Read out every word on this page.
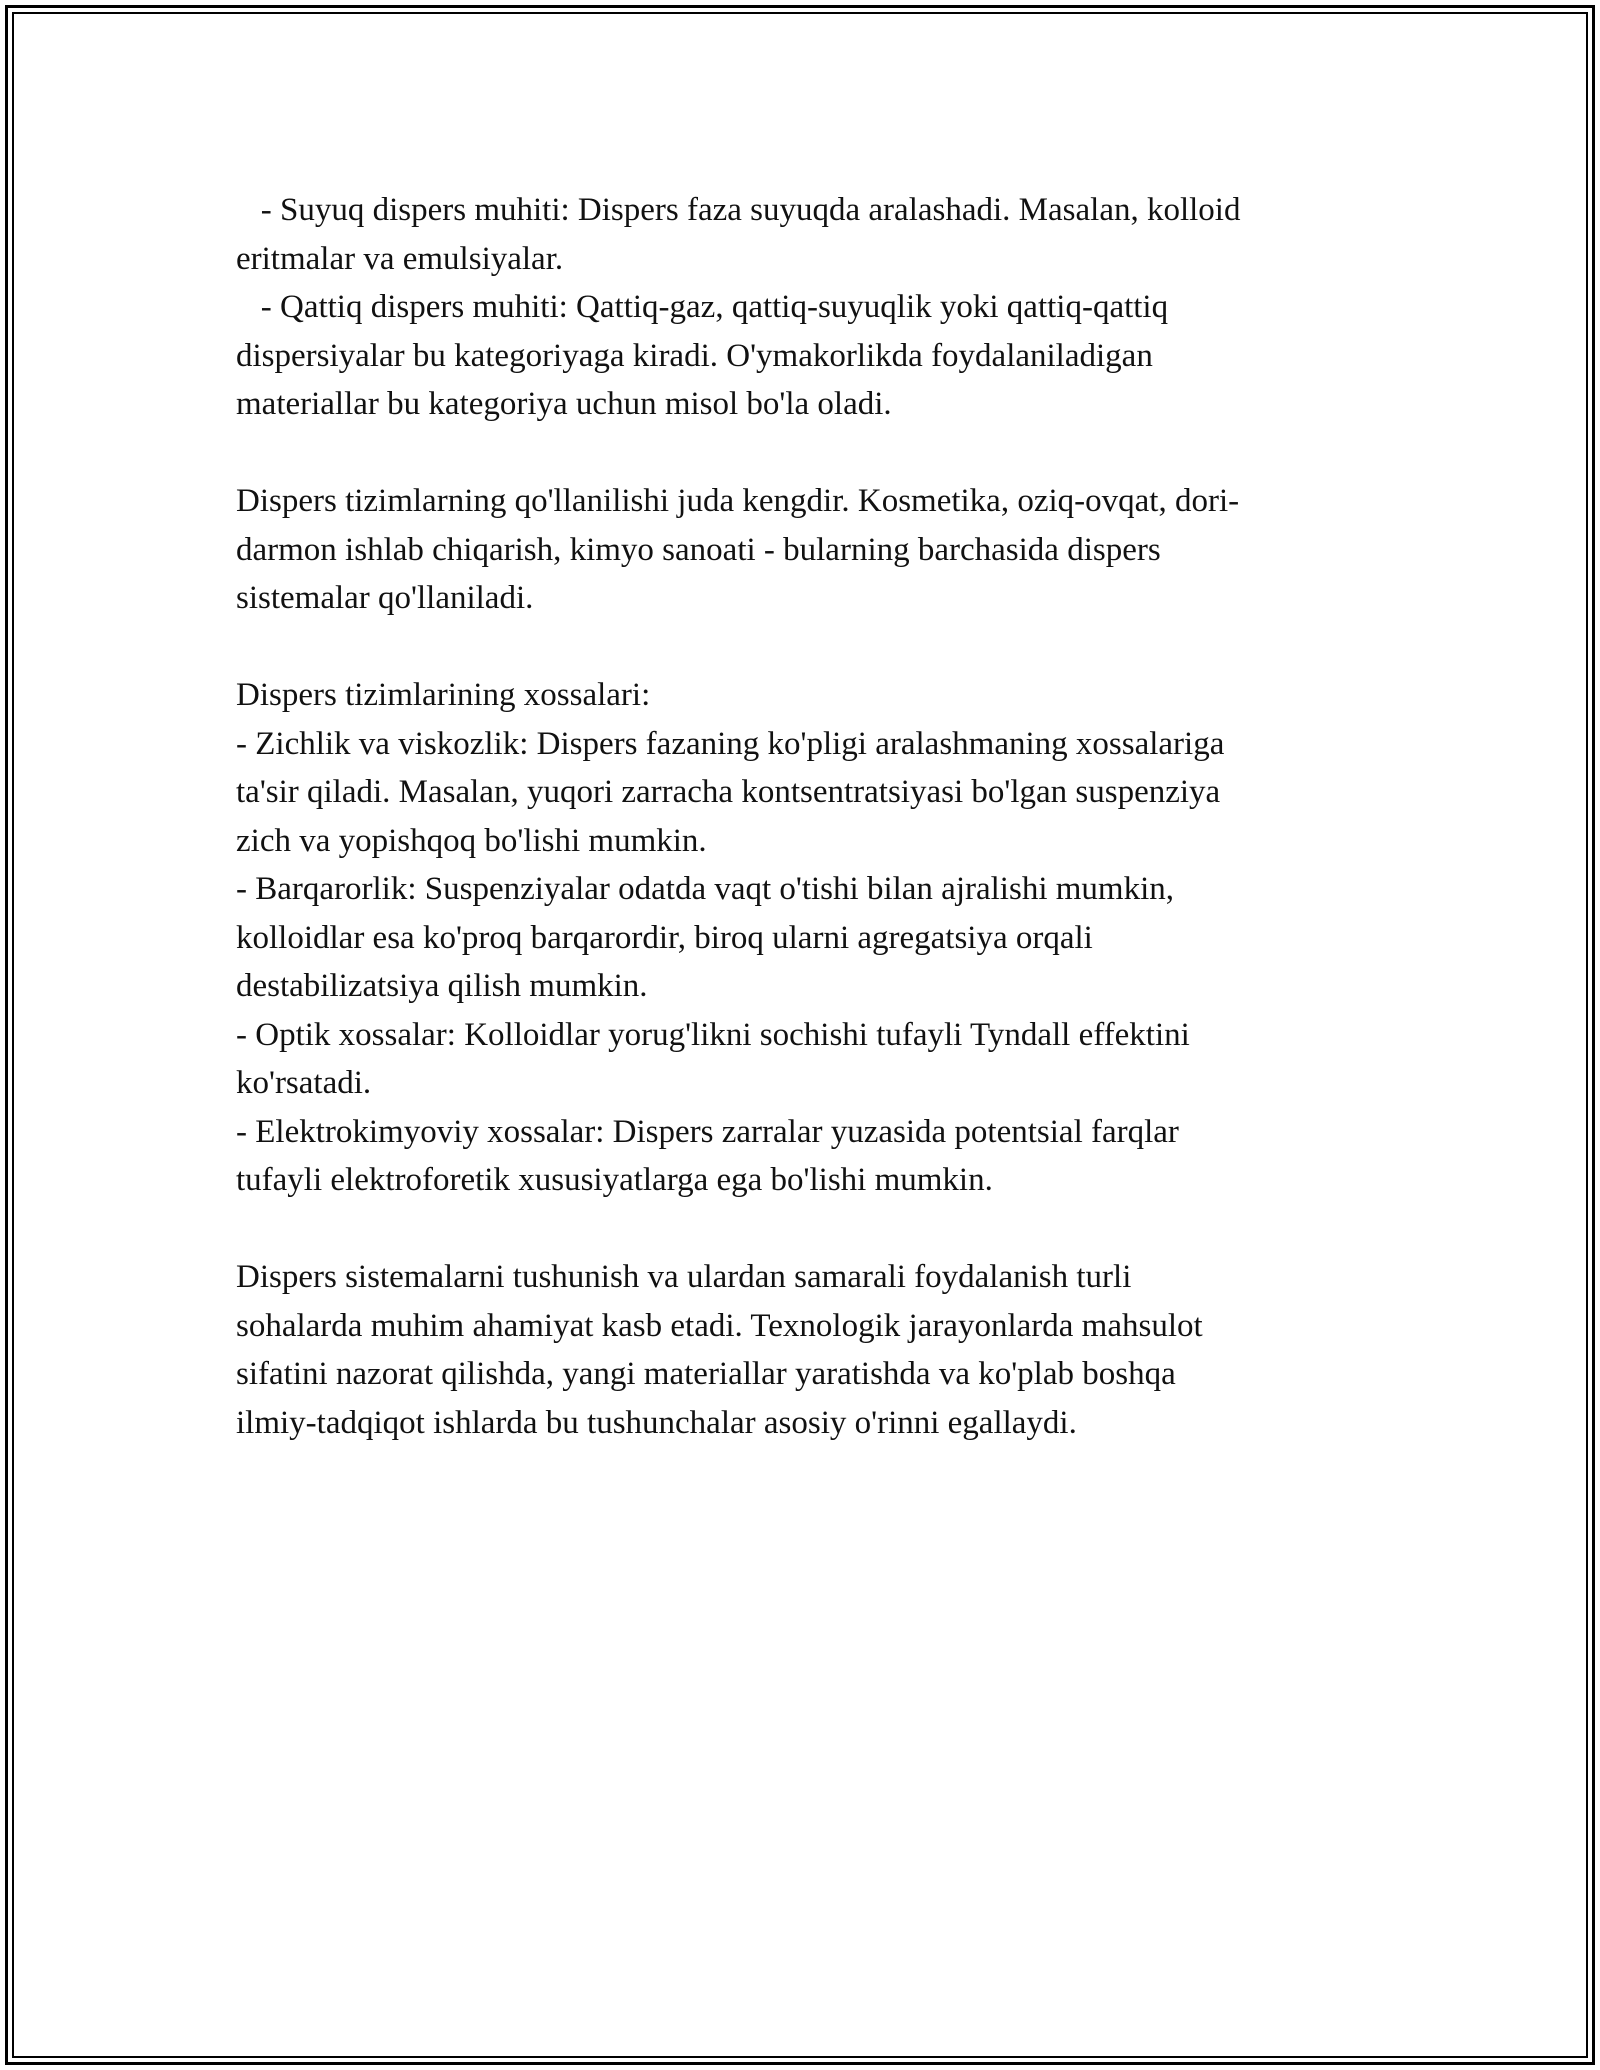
- Suyuq dispers muhiti: Dispers faza suyuqda aralashadi. Masalan, kolloid
eritmalar va emulsiyalar.
- Qattiq dispers muhiti: Qattiq-gaz, qattiq-suyuqlik yoki qattiq-qattiq
dispersiyalar bu kategoriyaga kiradi. O'ymakorlikda foydalaniladigan
materiallar bu kategoriya uchun misol bo'la oladi.
Dispers tizimlarning qo'llanilishi juda kengdir. Kosmetika, oziq-ovqat, dori-
darmon ishlab chiqarish, kimyo sanoati - bularning barchasida dispers
sistemalar qo'llaniladi.
Dispers tizimlarining xossalari:
- Zichlik va viskozlik: Dispers fazaning ko'pligi aralashmaning xossalariga
ta'sir qiladi. Masalan, yuqori zarracha kontsentratsiyasi bo'lgan suspenziya
zich va yopishqoq bo'lishi mumkin.
- Barqarorlik: Suspenziyalar odatda vaqt o'tishi bilan ajralishi mumkin,
kolloidlar esa ko'proq barqarordir, biroq ularni agregatsiya orqali
destabilizatsiya qilish mumkin.
- Optik xossalar: Kolloidlar yorug'likni sochishi tufayli Tyndall effektini
ko'rsatadi.
- Elektrokimyoviy xossalar: Dispers zarralar yuzasida potentsial farqlar
tufayli elektroforetik xususiyatlarga ega bo'lishi mumkin.
Dispers sistemalarni tushunish va ulardan samarali foydalanish turli
sohalarda muhim ahamiyat kasb etadi. Texnologik jarayonlarda mahsulot
sifatini nazorat qilishda, yangi materiallar yaratishda va ko'plab boshqa
ilmiy-tadqiqot ishlarda bu tushunchalar asosiy o'rinni egallaydi.
